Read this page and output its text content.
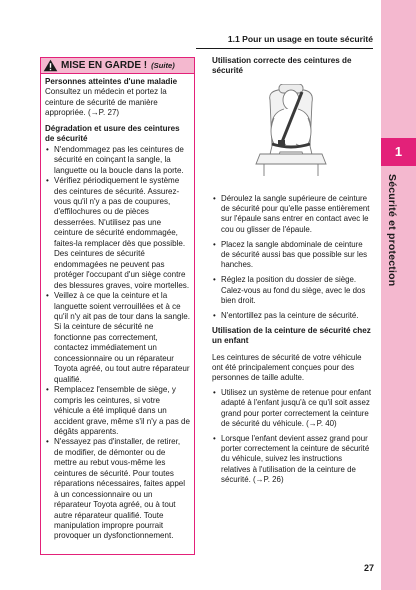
1.1 Pour un usage en toute sécurité
1
Sécurité et protection
MISE EN GARDE ! (Suite)
Personnes atteintes d'une maladie
Consultez un médecin et portez la ceinture de sécurité de manière appropriée. (→P. 27)
Dégradation et usure des ceintures de sécurité
• N'endommagez pas les ceintures de sécurité en coinçant la sangle, la languette ou la boucle dans la porte.
• Vérifiez périodiquement le système des ceintures de sécurité. Assurez-vous qu'il n'y a pas de coupures, d'effilochures ou de pièces desserrées. N'utilisez pas une ceinture de sécurité endommagée, faites-la remplacer dès que possible. Des ceintures de sécurité endommagées ne peuvent pas protéger l'occupant d'un siège contre des blessures graves, voire mortelles.
• Veillez à ce que la ceinture et la languette soient verrouillées et à ce qu'il n'y ait pas de tour dans la sangle. Si la ceinture de sécurité ne fonctionne pas correctement, contactez immédiatement un concessionnaire ou un réparateur Toyota agréé, ou tout autre réparateur qualifié.
• Remplacez l'ensemble de siège, y compris les ceintures, si votre véhicule a été impliqué dans un accident grave, même s'il n'y a pas de dégâts apparents.
• N'essayez pas d'installer, de retirer, de modifier, de démonter ou de mettre au rebut vous-même les ceintures de sécurité. Pour toutes réparations nécessaires, faites appel à un concessionnaire ou un réparateur Toyota agréé, ou à tout autre réparateur qualifié. Toute manipulation impropre pourrait provoquer un dysfonctionnement.
Utilisation correcte des ceintures de sécurité
• Déroulez la sangle supérieure de ceinture de sécurité pour qu'elle passe entièrement sur l'épaule sans entrer en contact avec le cou ou glisser de l'épaule.
• Placez la sangle abdominale de ceinture de sécurité aussi bas que possible sur les hanches.
• Réglez la position du dossier de siège. Calez-vous au fond du siège, avec le dos bien droit.
• N'entortillez pas la ceinture de sécurité.
Utilisation de la ceinture de sécurité chez un enfant
Les ceintures de sécurité de votre véhicule ont été principalement conçues pour des personnes de taille adulte.
• Utilisez un système de retenue pour enfant adapté à l'enfant jusqu'à ce qu'il soit assez grand pour porter correctement la ceinture de sécurité du véhicule. (→P. 40)
• Lorsque l'enfant devient assez grand pour porter correctement la ceinture de sécurité du véhicule, suivez les instructions relatives à l'utilisation de la ceinture de sécurité. (→P. 26)
27
